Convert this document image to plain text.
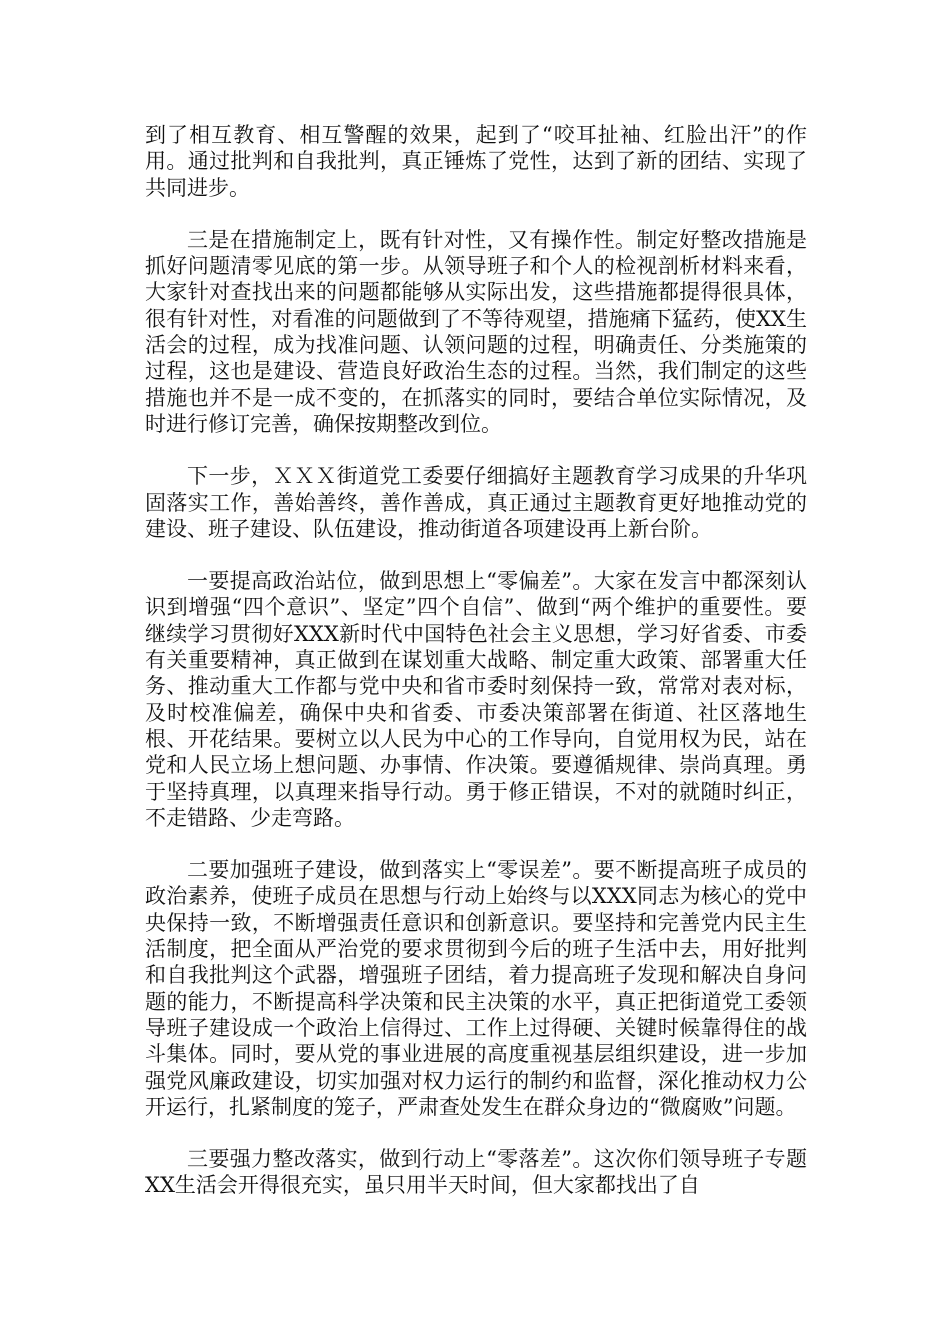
到了相互教育、相互警醒的效果，起到了“咬耳扯袖、红脸出汗”的作用。通过批判和自我批判，真正锤炼了党性，达到了新的团结、实现了共同进步。

三是在措施制定上，既有针对性，又有操作性。制定好整改措施是抓好问题清零见底的第一步。从领导班子和个人的检视剖析材料来看，大家针对查找出来的问题都能够从实际出发，这些措施都提得很具体，很有针对性，对看准的问题做到了不等待观望，措施痛下猛药，使XX生活会的过程，成为找准问题、认领问题的过程，明确责任、分类施策的过程，这也是建设、营造良好政治生态的过程。当然，我们制定的这些措施也并不是一成不变的，在抓落实的同时，要结合单位实际情况，及时进行修订完善，确保按期整改到位。

下一步，ＸＸＸ街道党工委要仔细搞好主题教育学习成果的升华巩固落实工作，善始善终，善作善成，真正通过主题教育更好地推动党的建设、班子建设、队伍建设，推动街道各项建设再上新台阶。

一要提高政治站位，做到思想上“零偏差”。大家在发言中都深刻认识到增强“四个意识”、坚定”四个自信”、做到“两个维护的重要性。要继续学习贯彻好XXX新时代中国特色社会主义思想，学习好省委、市委有关重要精神，真正做到在谋划重大战略、制定重大政策、部署重大任务、推动重大工作都与党中央和省市委时刻保持一致，常常对表对标，及时校准偏差，确保中央和省委、市委决策部署在街道、社区落地生根、开花结果。要树立以人民为中心的工作导向，自觉用权为民，站在党和人民立场上想问题、办事情、作决策。要遵循规律、崇尚真理。勇于坚持真理，以真理来指导行动。勇于修正错误，不对的就随时纠正，不走错路、少走弯路。

二要加强班子建设，做到落实上“零误差”。要不断提高班子成员的政治素养，使班子成员在思想与行动上始终与以XXX同志为核心的党中央保持一致，不断增强责任意识和创新意识。要坚持和完善党内民主生活制度，把全面从严治党的要求贯彻到今后的班子生活中去，用好批判和自我批判这个武器，增强班子团结，着力提高班子发现和解决自身问题的能力，不断提高科学决策和民主决策的水平，真正把街道党工委领导班子建设成一个政治上信得过、工作上过得硬、关键时候靠得住的战斗集体。同时，要从党的事业进展的高度重视基层组织建设，进一步加强党风廉政建设，切实加强对权力运行的制约和监督，深化推动权力公开运行，扎紧制度的笼子，严肃查处发生在群众身边的“微腐败”问题。

三要强力整改落实，做到行动上“零落差”。这次你们领导班子专题XX生活会开得很充实，虽只用半天时间，但大家都找出了自
